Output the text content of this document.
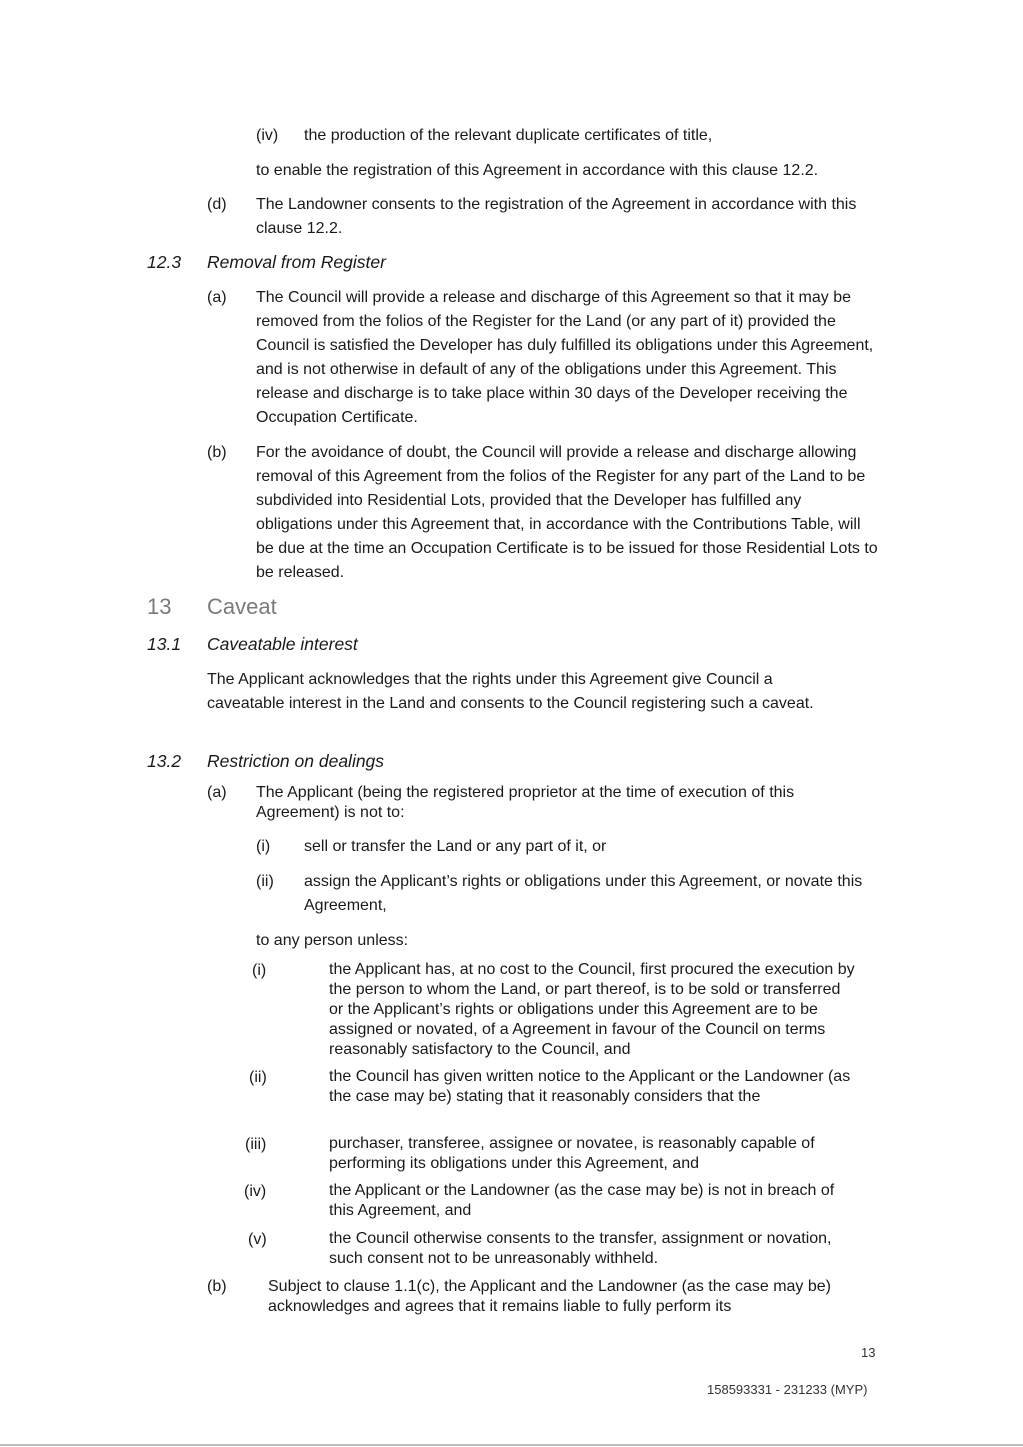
(iv) the production of the relevant duplicate certificates of title,
to enable the registration of this Agreement in accordance with this clause 12.2.
(d) The Landowner consents to the registration of the Agreement in accordance with this clause 12.2.
12.3 Removal from Register
(a) The Council will provide a release and discharge of this Agreement so that it may be removed from the folios of the Register for the Land (or any part of it) provided the Council is satisfied the Developer has duly fulfilled its obligations under this Agreement, and is not otherwise in default of any of the obligations under this Agreement. This release and discharge is to take place within 30 days of the Developer receiving the Occupation Certificate.
(b) For the avoidance of doubt, the Council will provide a release and discharge allowing removal of this Agreement from the folios of the Register for any part of the Land to be subdivided into Residential Lots, provided that the Developer has fulfilled any obligations under this Agreement that, in accordance with the Contributions Table, will be due at the time an Occupation Certificate is to be issued for those Residential Lots to be released.
13 Caveat
13.1 Caveatable interest
The Applicant acknowledges that the rights under this Agreement give Council a caveatable interest in the Land and consents to the Council registering such a caveat.
13.2 Restriction on dealings
(a) The Applicant (being the registered proprietor at the time of execution of this Agreement) is not to:
(i) sell or transfer the Land or any part of it, or
(ii) assign the Applicant’s rights or obligations under this Agreement, or novate this Agreement,
to any person unless:
(i)	the Applicant has, at no cost to the Council, first procured the execution by the person to whom the Land, or part thereof, is to be sold or transferred or the Applicant’s rights or obligations under this Agreement are to be assigned or novated, of a Agreement in favour of the Council on terms reasonably satisfactory to the Council, and
(ii)	the Council has given written notice to the Applicant or the Landowner (as the case may be) stating that it reasonably considers that the
(iii)	purchaser, transferee, assignee or novatee, is reasonably capable of performing its obligations under this Agreement, and
(iv)	the Applicant or the Landowner (as the case may be) is not in breach of this Agreement, and
(v)	the Council otherwise consents to the transfer, assignment or novation, such consent not to be unreasonably withheld.
(b)	Subject to clause 1.1(c), the Applicant and the Landowner (as the case may be) acknowledges and agrees that it remains liable to fully perform its
13
158593331 - 231233 (MYP)
